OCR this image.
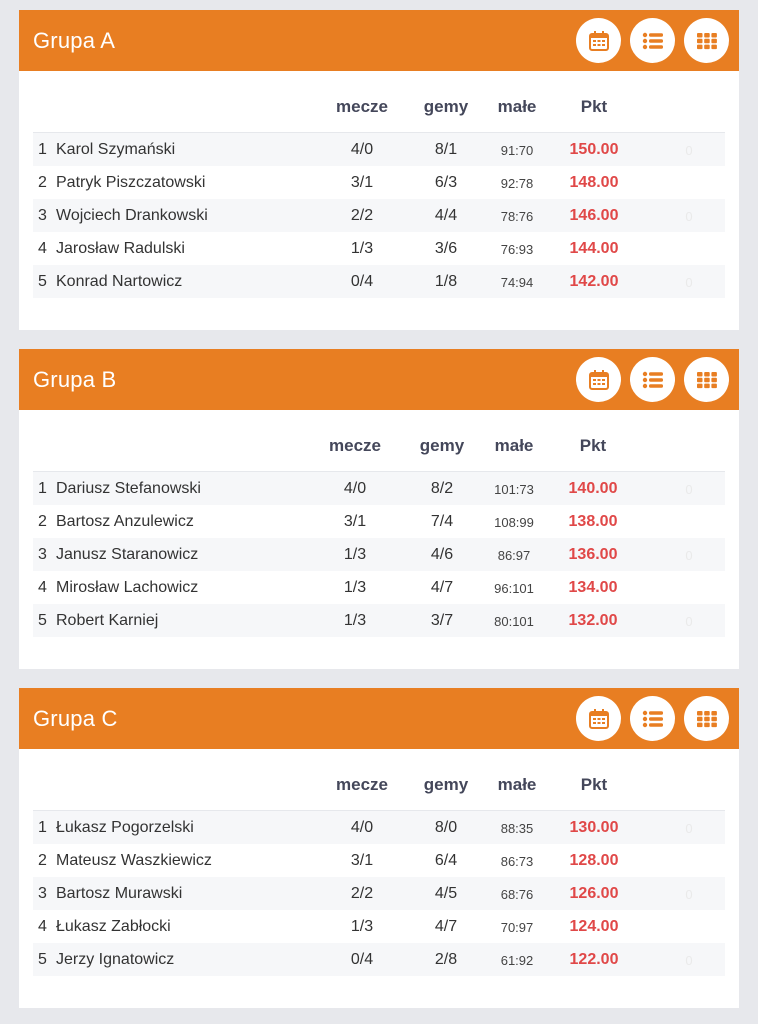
Grupa A
mecze gemy małe	Pkt
1 Karol Szymański	4/0	8/1	91:70 150.00	0
2 Patryk Piszczatowski	3/1	6/3	92:78 148.00
3 Wojciech Drankowski	2/2	4/4	78:76 146.00	0
4 Jarosław Radulski	1/3	3/6	76:93 144.00
5 Konrad Nartowicz	0/4	1/8	74:94 142.00	0
Grupa B
mecze gemy małe	Pkt
1 Dariusz Stefanowski	4/0	8/2	101:73 140.00	0
2 Bartosz Anzulewicz	3/1	7/4	108:99 138.00
3 Janusz Staranowicz	1/3	4/6	86:97 136.00	0
4 Mirosław Lachowicz	1/3	4/7	96:101 134.00
5 Robert Karniej	1/3	3/7	80:101 132.00	0
Grupa C
mecze gemy małe	Pkt
1 Łukasz Pogorzelski	4/0	8/0	88:35 130.00	0
2 Mateusz Waszkiewicz	3/1	6/4	86:73 128.00
3 Bartosz Murawski	2/2	4/5	68:76 126.00	0
4 Łukasz Zabłocki	1/3	4/7	70:97 124.00
5 Jerzy Ignatowicz	0/4	2/8	61:92 122.00	0
